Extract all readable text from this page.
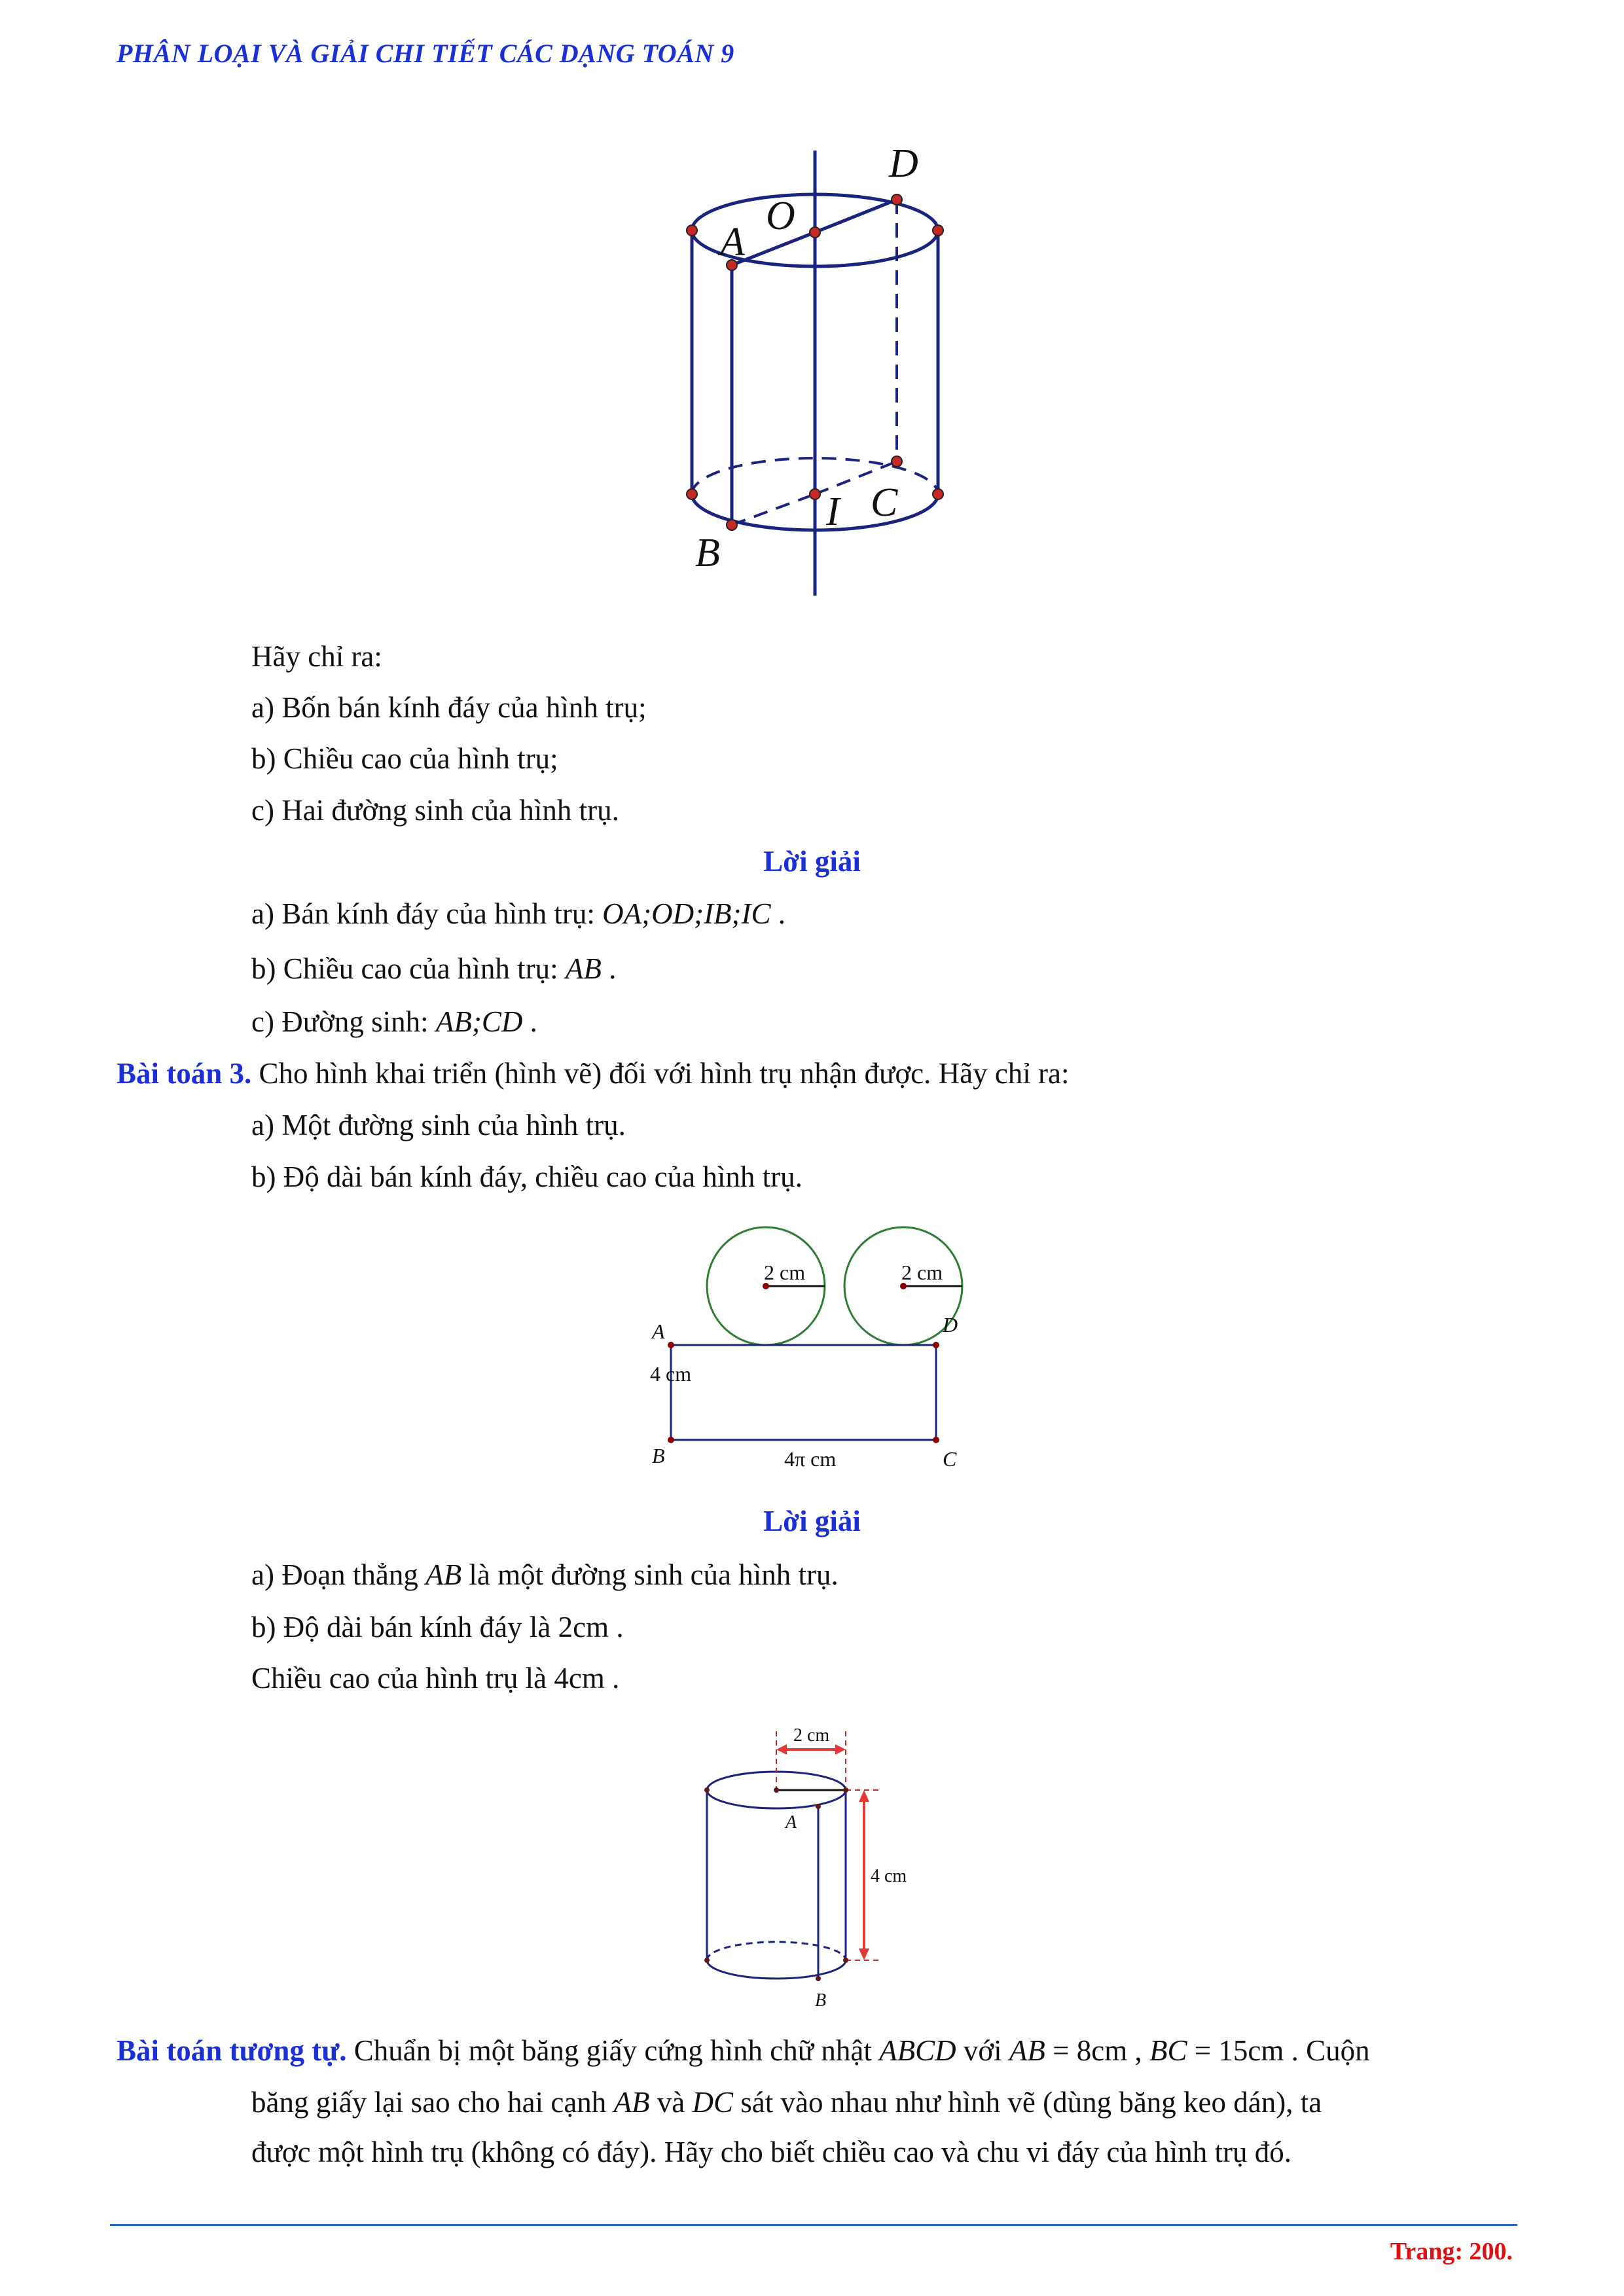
PHÂN LOẠI VÀ GIẢI CHI TIẾT CÁC DẠNG TOÁN 9
D
O
A
I C
B
Hãy chỉ ra:
a) Bốn bán kính đáy của hình trụ;
b) Chiều cao của hình trụ;
c) Hai đường sinh của hình trụ.
Lời giải
a) Bán kính đáy của hình trụ: OA;OD;IB;IC .
b) Chiều cao của hình trụ: AB .
c) Đường sinh: AB;CD .
Bài toán 3. Cho hình khai triển (hình vẽ) đối với hình trụ nhận được. Hãy chỉ ra:
a) Một đường sinh của hình trụ.
b) Độ dài bán kính đáy, chiều cao của hình trụ.
2 cm	2 cm
4 cm
4π cm
A	D
B	C
Lời giải
a) Đoạn thẳng AB là một đường sinh của hình trụ.
b) Độ dài bán kính đáy là 2cm .
Chiều cao của hình trụ là 4cm .
2 cm
4 cm
A
B
Bài toán tương tự. Chuẩn bị một băng giấy cứng hình chữ nhật ABCD với AB = 8cm , BC = 15cm . Cuộn
băng giấy lại sao cho hai cạnh AB và DC sát vào nhau như hình vẽ (dùng băng keo dán), ta
được một hình trụ (không có đáy). Hãy cho biết chiều cao và chu vi đáy của hình trụ đó.
Trang: 200.
